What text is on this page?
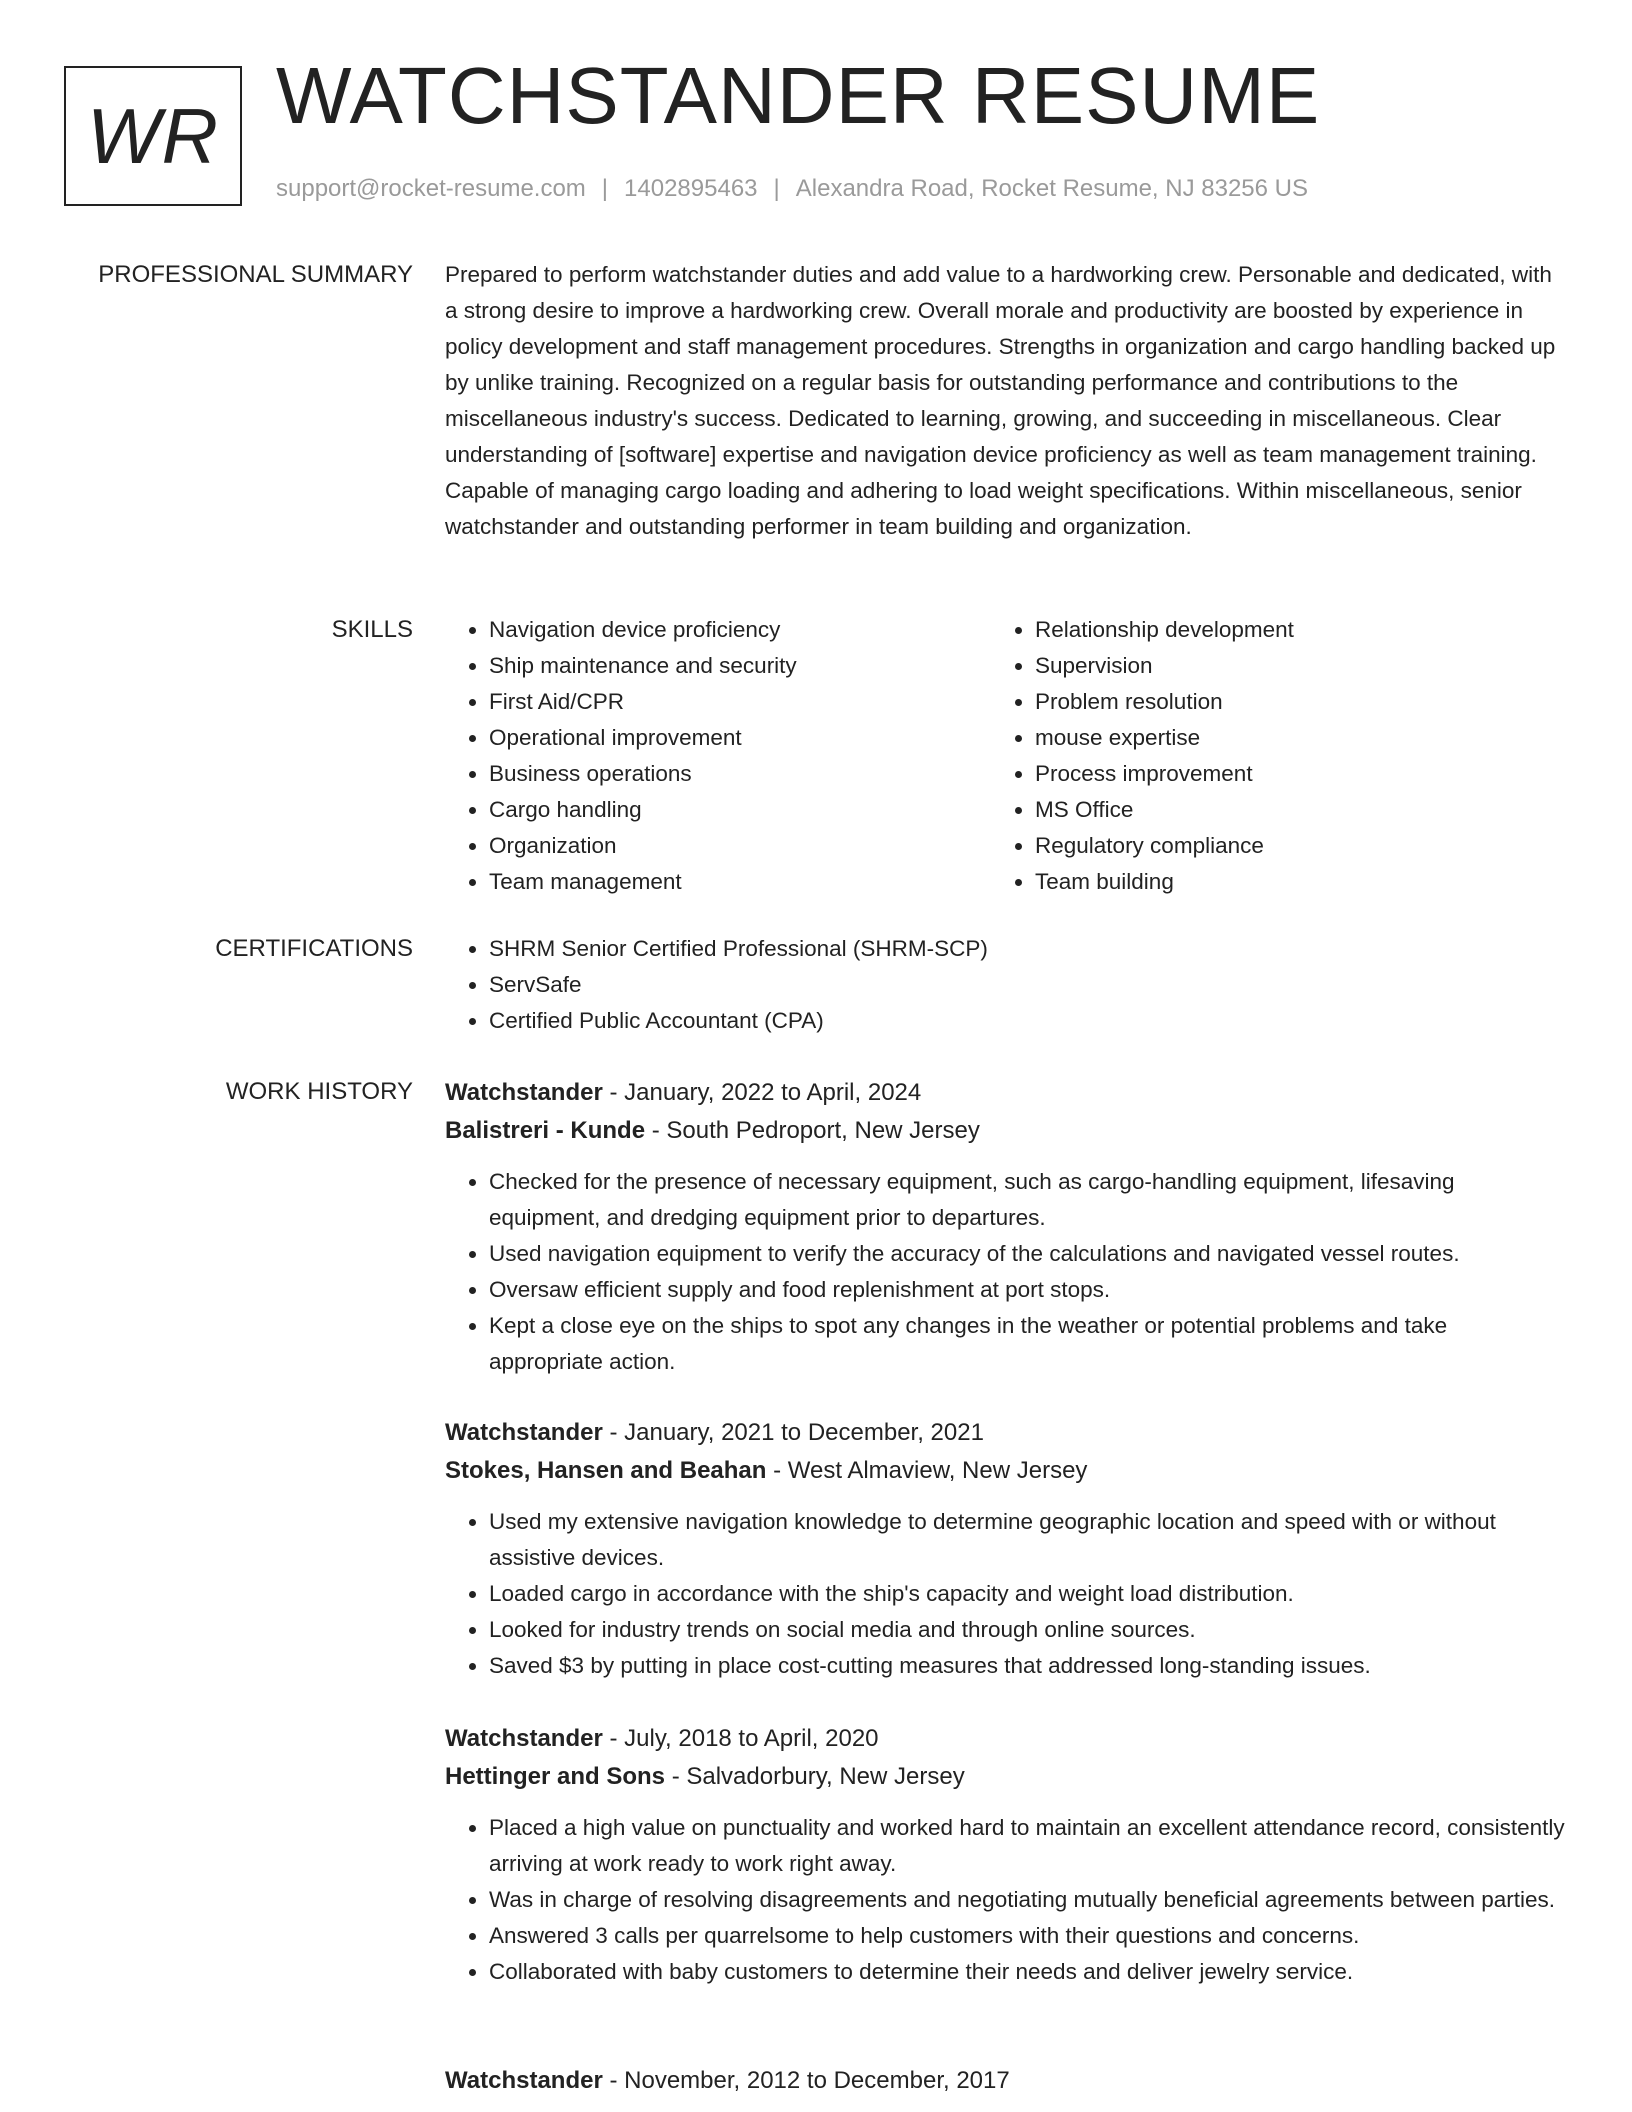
WR WATCHSTANDER RESUME
support@rocket-resume.com | 1402895463 | Alexandra Road, Rocket Resume, NJ 83256 US
PROFESSIONAL SUMMARY Prepared to perform watchstander duties and add value to a hardworking crew. Personable and dedicated, with a strong desire to improve a hardworking crew. Overall morale and productivity are boosted by experience in policy development and staff management procedures. Strengths in organization and cargo handling backed up by unlike training. Recognized on a regular basis for outstanding performance and contributions to the miscellaneous industry's success. Dedicated to learning, growing, and succeeding in miscellaneous. Clear understanding of [software] expertise and navigation device proficiency as well as team management training. Capable of managing cargo loading and adhering to load weight specifications. Within miscellaneous, senior watchstander and outstanding performer in team building and organization.

SKILLS	• Navigation device proficiency
• Ship maintenance and security
• First Aid/CPR
• Operational improvement
• Business operations
• Cargo handling
• Organization
• Team management
• Relationship development
• Supervision
• Problem resolution
• mouse expertise
• Process improvement
• MS Office
• Regulatory compliance
• Team building
CERTIFICATIONS	• SHRM Senior Certified Professional (SHRM-SCP)
• ServSafe
• Certified Public Accountant (CPA)
WORK HISTORY Watchstander - January, 2022 to April, 2024
Balistreri - Kunde - South Pedroport, New Jersey
• Checked for the presence of necessary equipment, such as cargo-handling equipment, lifesaving equipment, and dredging equipment prior to departures.
• Used navigation equipment to verify the accuracy of the calculations and navigated vessel routes.
• Oversaw efficient supply and food replenishment at port stops.
• Kept a close eye on the ships to spot any changes in the weather or potential problems and take appropriate action.
Watchstander - January, 2021 to December, 2021
Stokes, Hansen and Beahan - West Almaview, New Jersey
• Used my extensive navigation knowledge to determine geographic location and speed with or without assistive devices.
• Loaded cargo in accordance with the ship's capacity and weight load distribution.
• Looked for industry trends on social media and through online sources.
• Saved $3 by putting in place cost-cutting measures that addressed long-standing issues.
Watchstander - July, 2018 to April, 2020
Hettinger and Sons - Salvadorbury, New Jersey
• Placed a high value on punctuality and worked hard to maintain an excellent attendance record, consistently arriving at work ready to work right away.
• Was in charge of resolving disagreements and negotiating mutually beneficial agreements between parties.
• Answered 3 calls per quarrelsome to help customers with their questions and concerns.
• Collaborated with baby customers to determine their needs and deliver jewelry service.
Watchstander - November, 2012 to December, 2017
